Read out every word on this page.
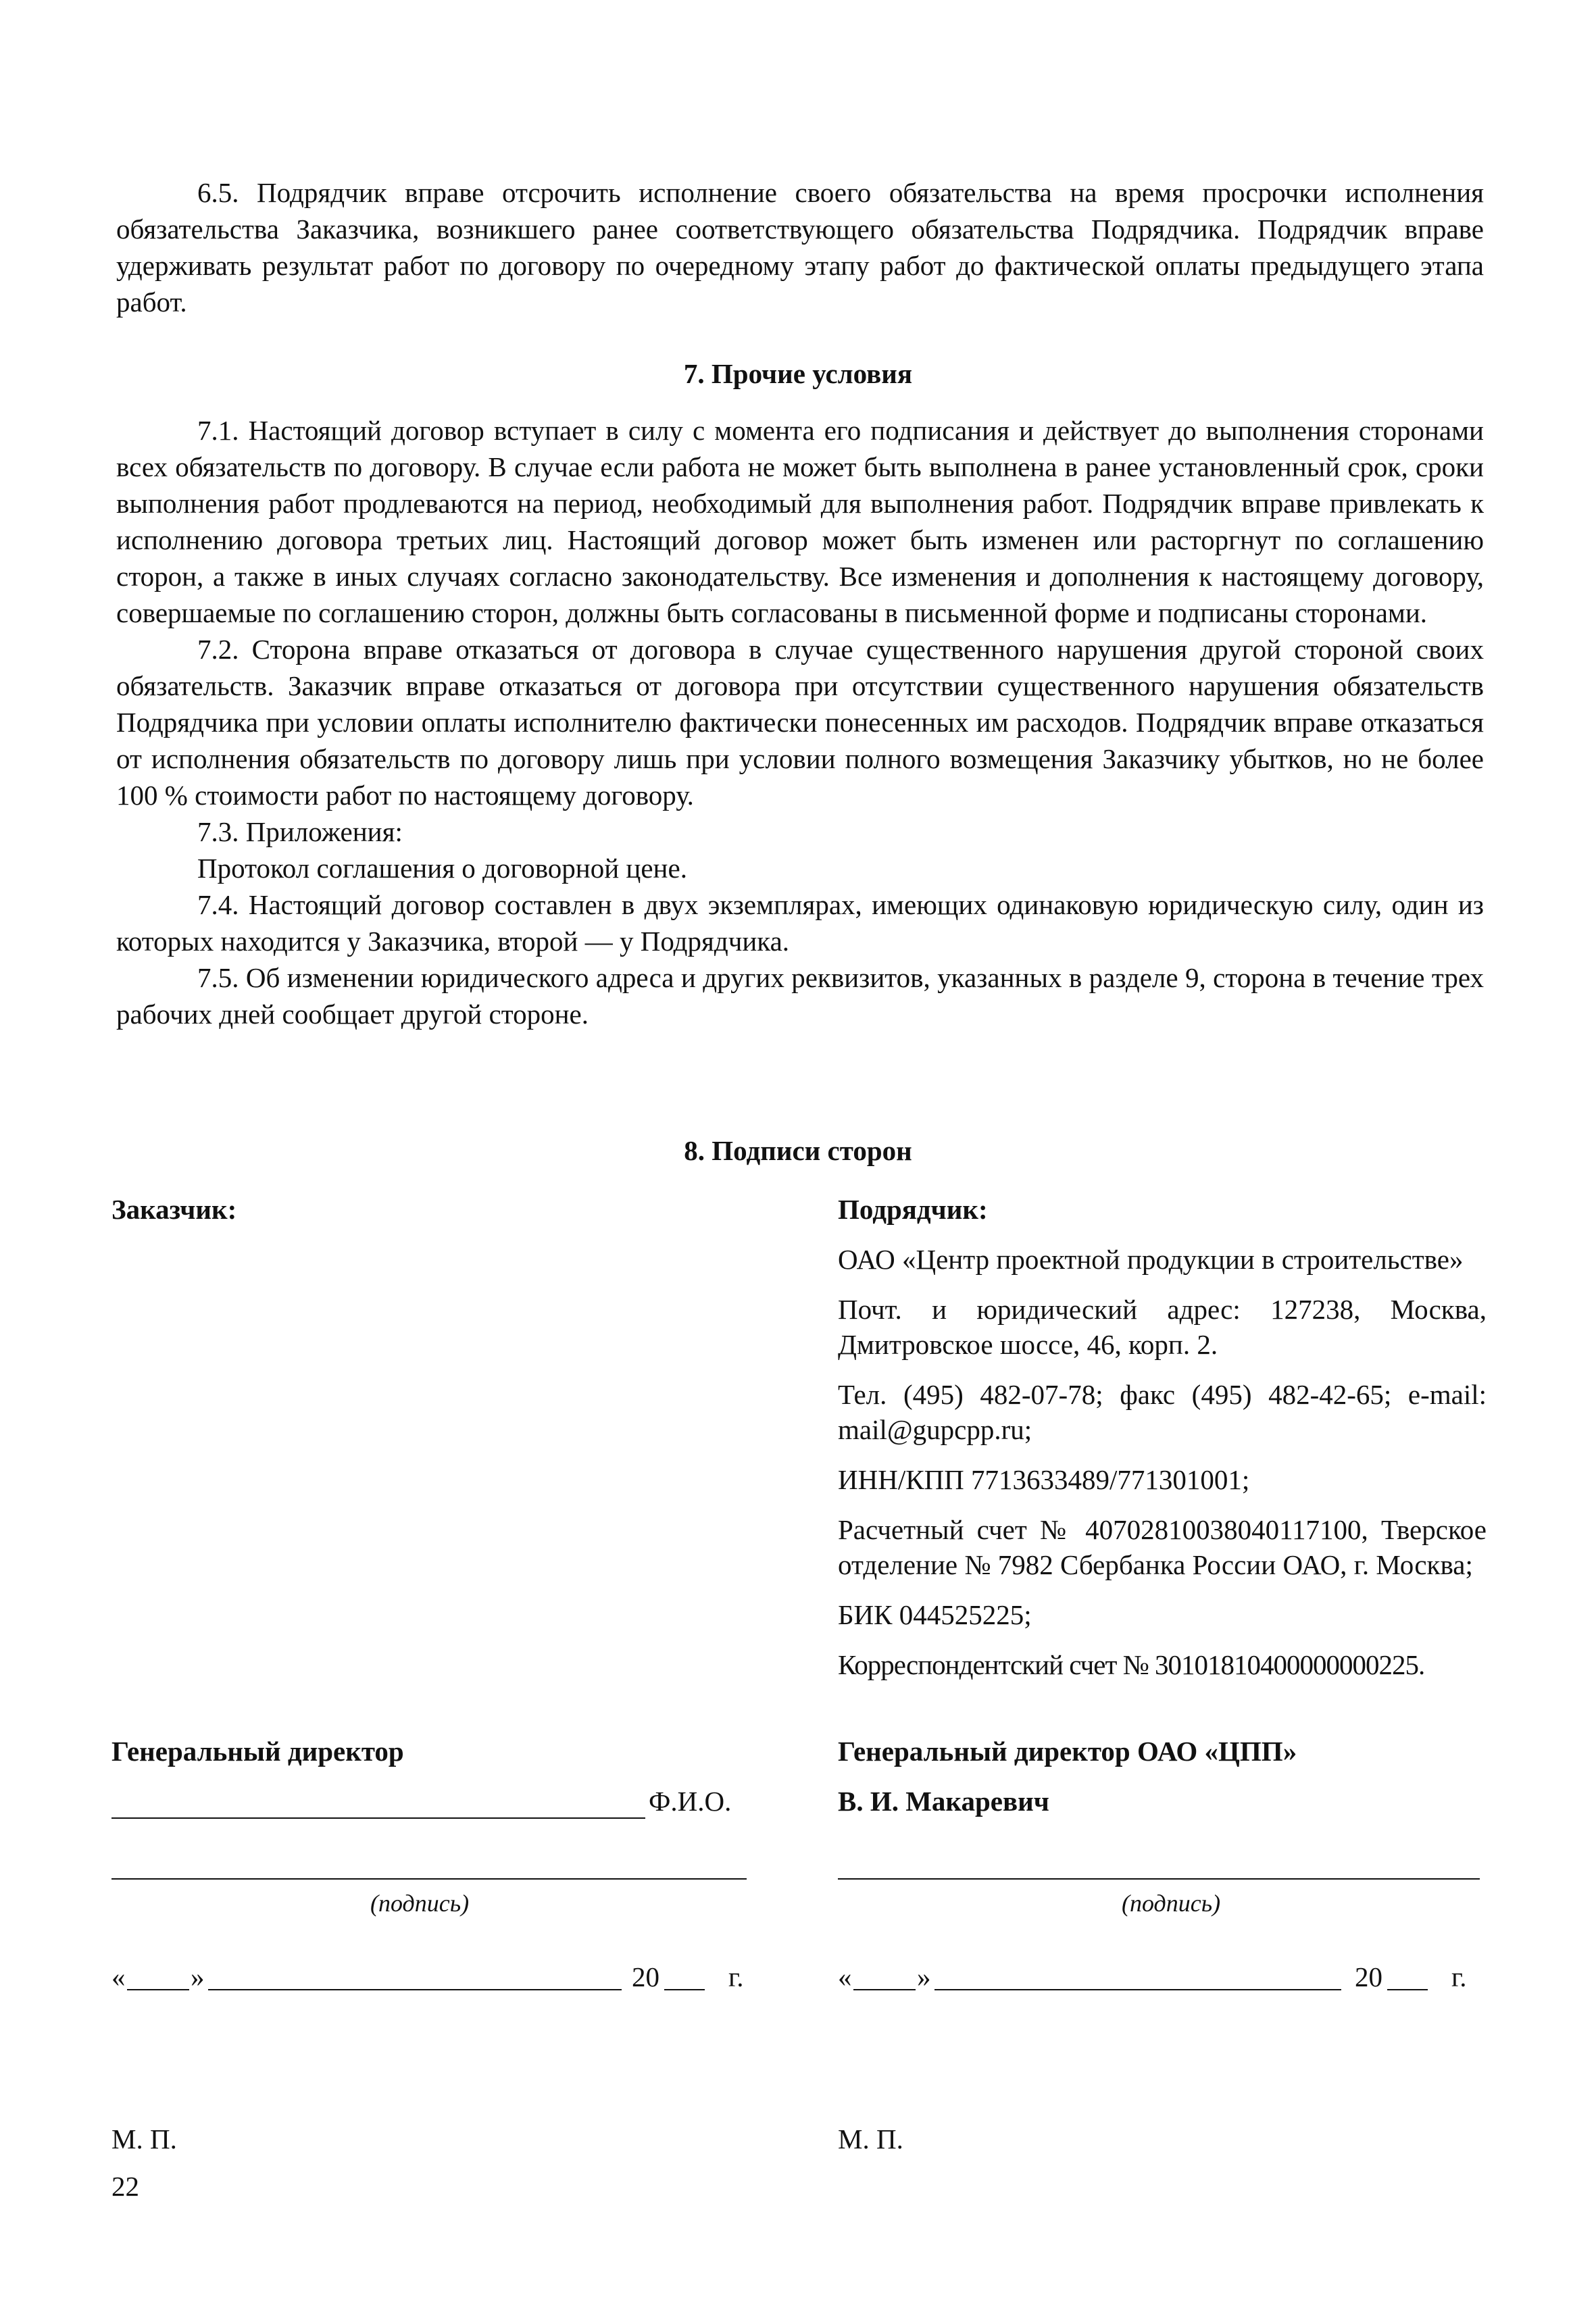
6.5. Подрядчик вправе отсрочить исполнение своего обязательства на время просрочки исполнения обязательства Заказчика, возникшего ранее соответствующего обязательства Подрядчика. Подрядчик вправе удерживать результат работ по договору по очередному этапу работ до фактической оплаты предыдущего этапа работ.

7. Прочие условия

7.1. Настоящий договор вступает в силу с момента его подписания и действует до выполнения сторонами всех обязательств по договору. В случае если работа не может быть выполнена в ранее установленный срок, сроки выполнения работ продлеваются на период, необходимый для выполнения работ. Подрядчик вправе привлекать к исполнению договора третьих лиц. Настоящий договор может быть изменен или расторгнут по соглашению сторон, а также в иных случаях согласно законодательству. Все изменения и дополнения к настоящему договору, совершаемые по соглашению сторон, должны быть согласованы в письменной форме и подписаны сторонами.

7.2. Сторона вправе отказаться от договора в случае существенного нарушения другой стороной своих обязательств. Заказчик вправе отказаться от договора при отсутствии существенного нарушения обязательств Подрядчика при условии оплаты исполнителю фактически понесенных им расходов. Подрядчик вправе отказаться от исполнения обязательств по договору лишь при условии полного возмещения Заказчику убытков, но не более 100 % стоимости работ по настоящему договору.

7.3. Приложения:

Протокол соглашения о договорной цене.

7.4. Настоящий договор составлен в двух экземплярах, имеющих одинаковую юридическую силу, один из которых находится у Заказчика, второй — у Подрядчика.

7.5. Об изменении юридического адреса и других реквизитов, указанных в разделе 9, сторона в течение трех рабочих дней сообщает другой стороне.

8. Подписи сторон
Заказчик:	Подрядчик:
ОАО «Центр проектной продукции в строительстве»
Почт. и юридический адрес: 127238, Москва, Дмитровское шоссе, 46, корп. 2.
Тел. (495) 482-07-78; факс (495) 482-42-65; e-mail: mail@gupcpp.ru;
ИНН/КПП 7713633489/771301001;
Расчетный счет № 40702810038040117100, Тверское отделение № 7982 Сбербанка России ОАО, г. Москва;
БИК 044525225;
Корреспондентский счет № 30101810400000000225.
Генеральный директор	Генеральный директор ОАО «ЦПП»
Ф.И.О.	В. И. Макаревич
(подпись)	(подпись)
« »	20 г.	« »	20 г.
М. П.	М. П.
22
